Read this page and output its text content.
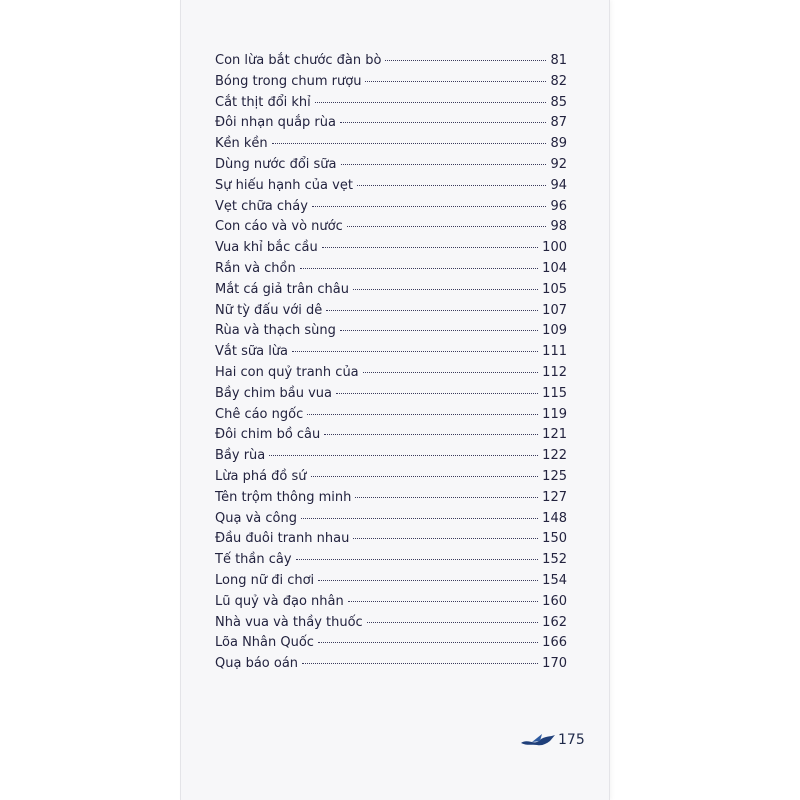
Con lừa bắt chước đàn bò	81
Bóng trong chum rượu	82
Cắt thịt đổi khỉ	85
Đôi nhạn quắp rùa	87
Kền kền	89
Dùng nước đổi sữa	92
Sự hiếu hạnh của vẹt	94
Vẹt chữa cháy	96
Con cáo và vò nước	98
Vua khỉ bắc cầu	100
Rắn và chồn	104
Mắt cá giả trân châu	105
Nữ tỳ đấu với dê	107
Rùa và thạch sùng	109
Vắt sữa lừa	111
Hai con quỷ tranh của	112
Bầy chim bầu vua	115
Chê cáo ngốc	119
Đôi chim bồ câu	121
Bầy rùa	122
Lừa phá đồ sứ	125
Tên trộm thông minh	127
Quạ và công	148
Đầu đuôi tranh nhau	150
Tế thần cây	152
Long nữ đi chơi	154
Lũ quỷ và đạo nhân	160
Nhà vua và thầy thuốc	162
Lõa Nhân Quốc	166
Quạ báo oán	170
175
